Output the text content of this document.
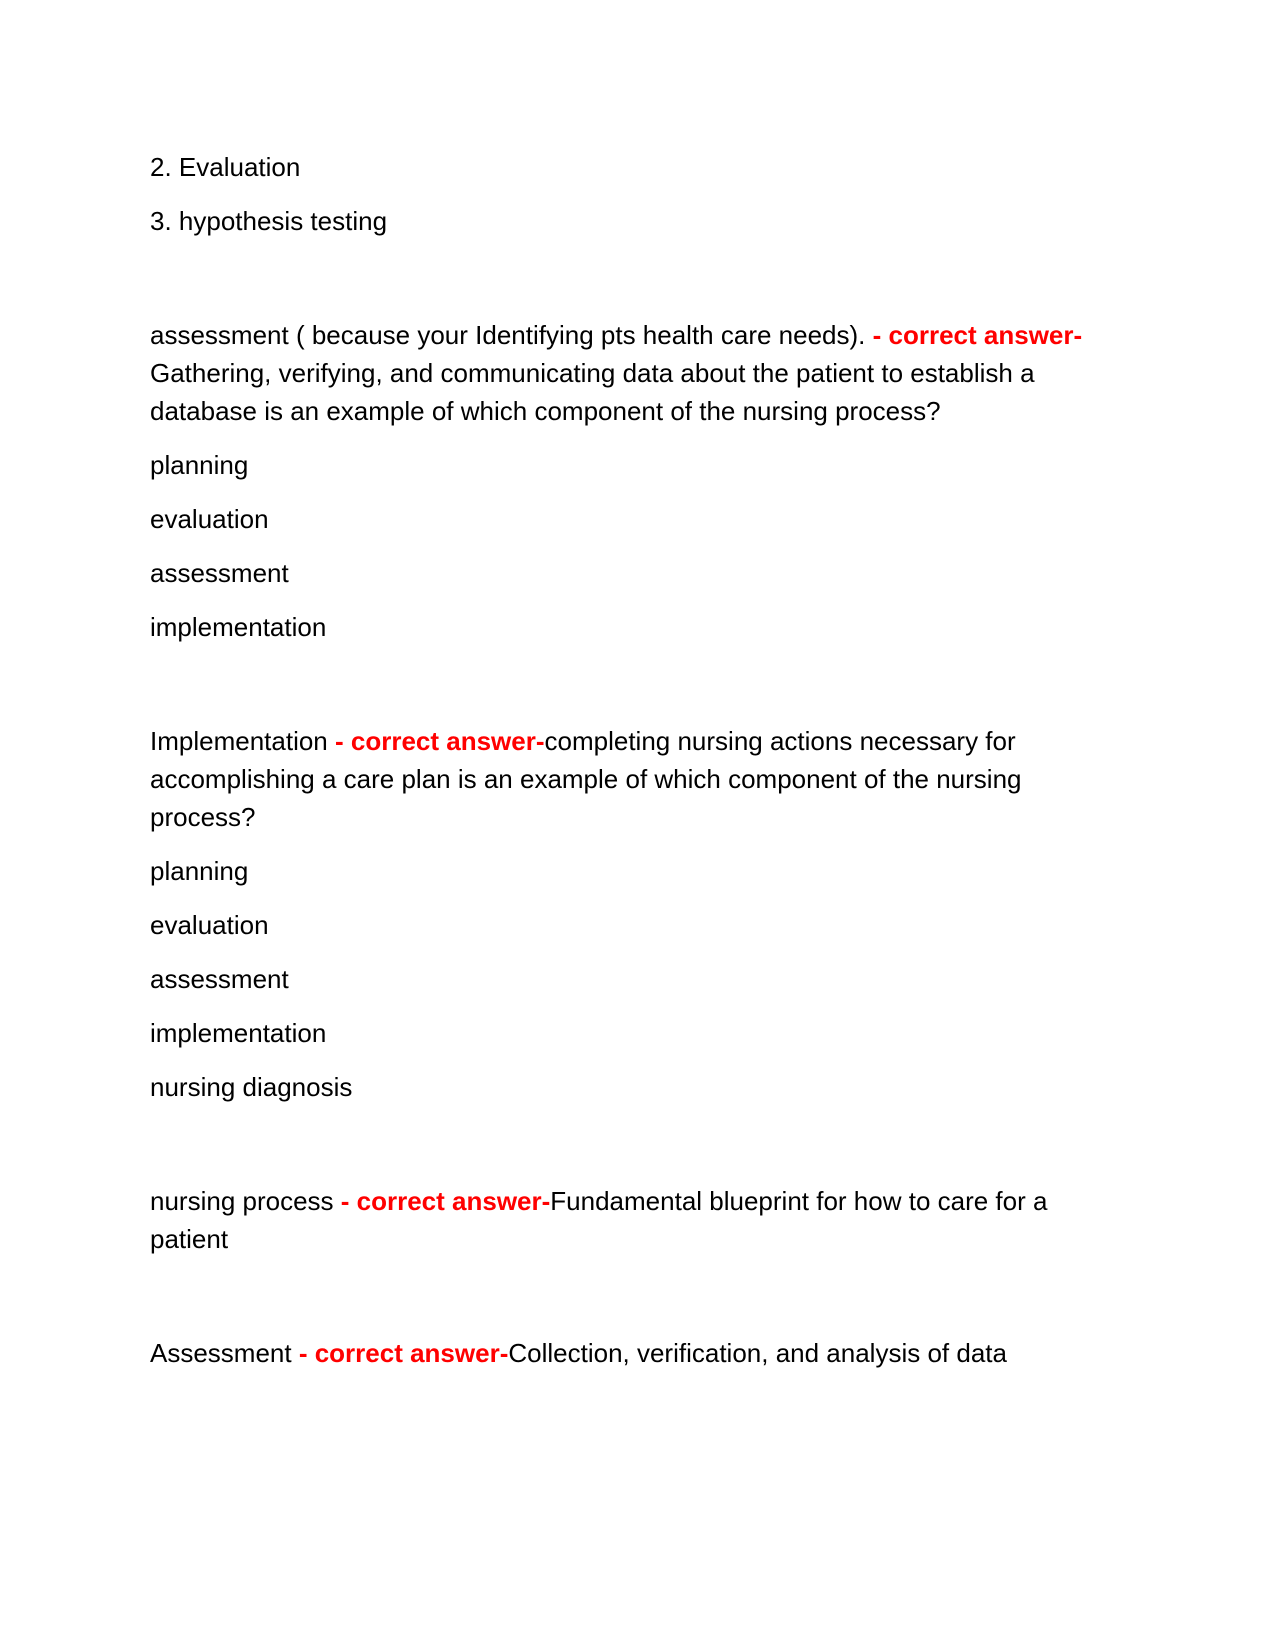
2. Evaluation

3. hypothesis testing

assessment ( because your Identifying pts health care needs). - correct answer-Gathering, verifying, and communicating data about the patient to establish a database is an example of which component of the nursing process?

planning

evaluation

assessment

implementation

Implementation - correct answer-completing nursing actions necessary for accomplishing a care plan is an example of which component of the nursing process?

planning

evaluation

assessment

implementation

nursing diagnosis

nursing process - correct answer-Fundamental blueprint for how to care for a patient

Assessment - correct answer-Collection, verification, and analysis of data
